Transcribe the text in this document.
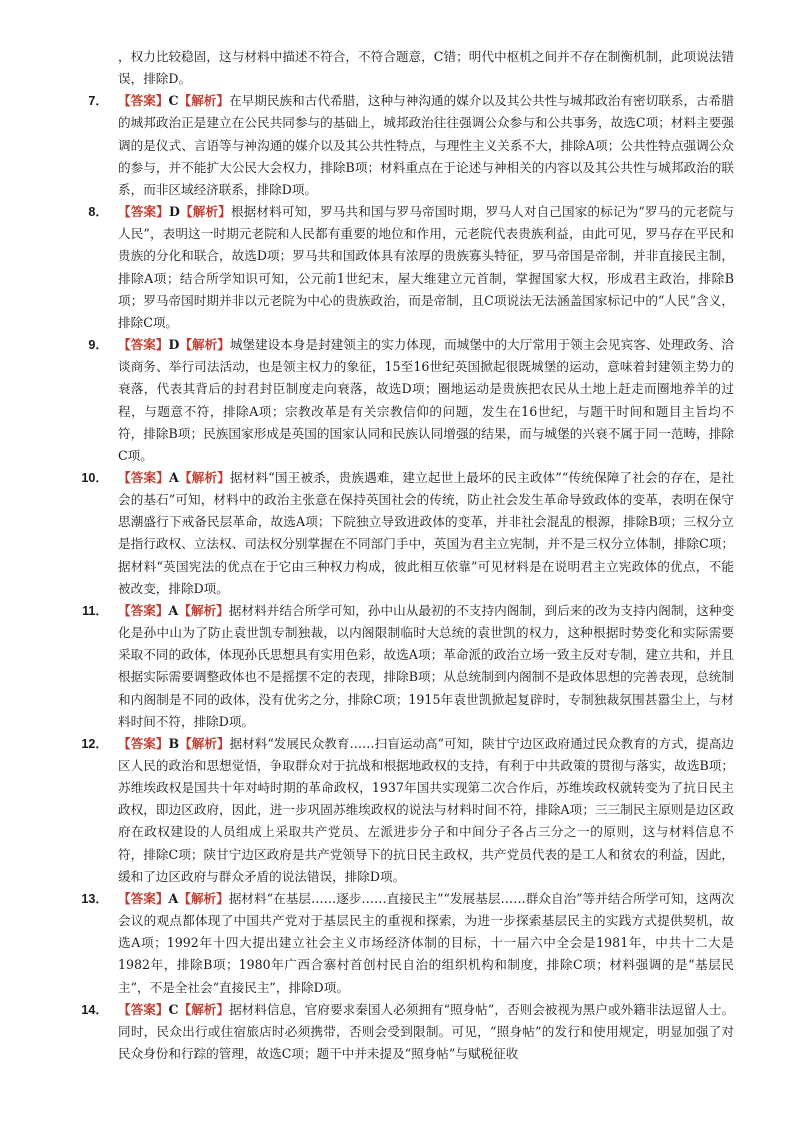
，权力比较稳固，这与材料中描述不符合，不符合题意，C错；明代中枢机之间并不存在制衡机制，此项说法错误，排除D。
7． 【答案】C【解析】在早期民族和古代希腊，这种与神沟通的媒介以及其公共性与城邦政治有密切联系，古希腊的城邦政治正是建立在公民共同参与的基础上，城邦政治往往强调公众参与和公共事务，故选C项；材料主要强调的是仪式、言语等与神沟通的媒介以及其公共性特点，与理性主义关系不大，排除A项；公共性特点强调公众的参与，并不能扩大公民大会权力，排除B项；材料重点在于论述与神相关的内容以及其公共性与城邦政治的联系，而非区域经济联系，排除D项。
8． 【答案】D【解析】根据材料可知，罗马共和国与罗马帝国时期，罗马人对自己国家的标记为“罗马的元老院与人民”，表明这一时期元老院和人民都有重要的地位和作用，元老院代表贵族利益，由此可见，罗马存在平民和贵族的分化和联合，故选D项；罗马共和国政体具有浓厚的贵族寡头特征，罗马帝国是帝制，并非直接民主制，排除A项；结合所学知识可知，公元前1世纪末，屋大维建立元首制，掌握国家大权，形成君主政治，排除B项；罗马帝国时期并非以元老院为中心的贵族政治，而是帝制，且C项说法无法涵盖国家标记中的“人民”含义，排除C项。
9． 【答案】D【解析】城堡建设本身是封建领主的实力体现，而城堡中的大厅常用于领主会见宾客、处理政务、洽谈商务、举行司法活动，也是领主权力的象征，15至16世纪英国掀起很既城堡的运动，意味着封建领主势力的衰落，代表其背后的封君封臣制度走向衰落，故选D项；圈地运动是贵族把农民从土地上赶走而圈地养羊的过程，与题意不符，排除A项；宗教改革是有关宗教信仰的问题，发生在16世纪，与题干时间和题目主旨均不符，排除B项；民族国家形成是英国的国家认同和民族认同增强的结果，而与城堡的兴衰不属于同一范畴，排除C项。
10． 【答案】A【解析】据材料“国王被杀，贵族遇难，建立起世上最坏的民主政体”“传统保障了社会的存在，是社会的基石”可知，材料中的政治主张意在保持英国社会的传统，防止社会发生革命导致政体的变革，表明在保守思潮盛行下戒备民层革命，故选A项；下院独立导致进政体的变革，并非社会混乱的根源，排除B项；三权分立是指行政权、立法权、司法权分别掌握在不同部门手中，英国为君主立宪制，并不是三权分立体制，排除C项；据材料“英国宪法的优点在于它由三种权力构成，彼此相互依靠”可见材料是在说明君主立宪政体的优点，不能被改变，排除D项。
11． 【答案】A【解析】据材料并结合所学可知，孙中山从最初的不支持内阁制，到后来的改为支持内阁制，这种变化是孙中山为了防止袁世凯专制独裁，以内阁限制临时大总统的袁世凯的权力，这种根据时势变化和实际需要采取不同的政体，体现孙氏思想具有实用色彩，故选A项；革命派的政治立场一致主反对专制，建立共和，并且根据实际需要调整政体也不是摇摆不定的表现，排除B项；从总统制到内阁制不是政体思想的完善表现，总统制和内阁制是不同的政体，没有优劣之分，排除C项；1915年袁世凯掀起复辟时，专制独裁氛围甚嚣尘上，与材料时间不符，排除D项。
12． 【答案】B【解析】据材料“发展民众教育……扫盲运动高”可知，陕甘宁边区政府通过民众教育的方式，提高边区人民的政治和思想觉悟，争取群众对于抗战和根据地政权的支持，有利于中共政策的贯彻与落实，故选B项；苏维埃政权是国共十年对峙时期的革命政权，1937年国共实现第二次合作后，苏维埃政权就转变为了抗日民主政权，即边区政府，因此，进一步巩固苏维埃政权的说法与材料时间不符，排除A项；三三制民主原则是边区政府在政权建设的人员组成上采取共产党员、左派进步分子和中间分子各占三分之一的原则，这与材料信息不符，排除C项；陕甘宁边区政府是共产党领导下的抗日民主政权，共产党员代表的是工人和贫农的利益，因此，缓和了边区政府与群众矛盾的说法错误，排除D项。
13． 【答案】A【解析】据材料“在基层……逐步……直接民主”“发展基层……群众自治”等并结合所学可知，这两次会议的观点都体现了中国共产党对于基层民主的重视和探索，为进一步探索基层民主的实践方式提供契机，故选A项；1992年十四大提出建立社会主义市场经济体制的目标，十一届六中全会是1981年，中共十二大是1982年，排除B项；1980年广西合寨村首创村民自治的组织机构和制度，排除C项；材料强调的是“基层民主”，不是全社会“直接民主”，排除D项。
14． 【答案】C【解析】据材料信息，官府要求秦国人必须拥有“照身帖”，否则会被视为黑户或外籍非法逗留人士。同时，民众出行或住宿旅店时必须携带，否则会受到限制。可见，“照身帖”的发行和使用规定，明显加强了对民众身份和行踪的管理，故选C项；题干中并未提及“照身帖”与赋税征收
